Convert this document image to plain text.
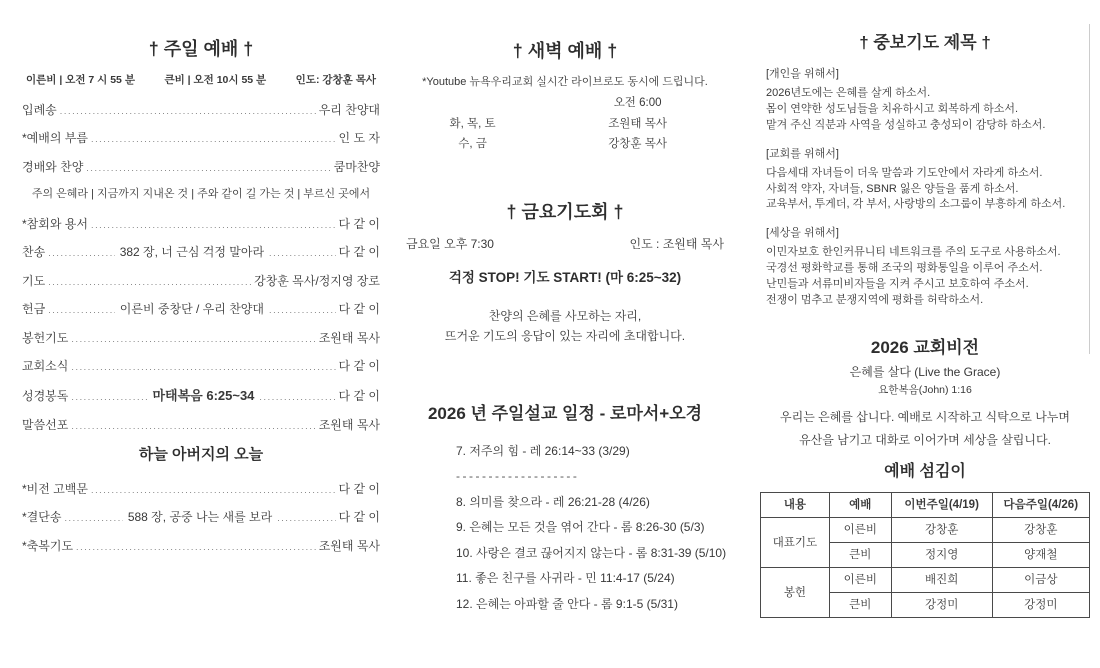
† 주일 예배 †
이른비 | 오전 7 시 55 분	큰비 | 오전 10시 55 분	인도: 강창훈 목사
입례송 .....	우리 찬양대
*예배의 부름 .....	인 도 자
경배와 찬양 .....	쿰마찬양
주의 은혜라 | 지금까지 지내온 것 | 주와 같이 길 가는 것 | 부르신 곳에서
*참회와 용서 .....	다 같 이
찬송 .....	382 장, 너 근심 걱정 말아라 .....	다 같 이
기도 .....	강창훈 목사/정지영 장로
헌금 .....	이른비 중창단 / 우리 찬양대 .....	다 같 이
봉헌기도 .....	조원태 목사
교회소식 .....	다 같 이
성경봉독 .....	마태복음 6:25~34 .....	다 같 이
말씀선포 .....	조원태 목사
하늘 아버지의 오늘
*비전 고백문 .....	다 같 이
*결단송 .....	588 장, 공중 나는 새를 보라 .....	다 같 이
*축복기도 .....	조원태 목사
† 새벽 예배 †
*Youtube 뉴욕우리교회 실시간 라이브로도 동시에 드립니다.
오전 6:00
화, 목, 토	조원태 목사
수, 금	강창훈 목사
† 금요기도회 †
금요일 오후 7:30	인도 : 조원태 목사
걱정 STOP! 기도 START! (마 6:25~32)
찬양의 은혜를 사모하는 자리,
뜨거운 기도의 응답이 있는 자리에 초대합니다.
2026 년 주일설교 일정 - 로마서+오경
7. 저주의 힘 - 레 26:14~33 (3/29)
-------------------
8. 의미를 찾으라 - 레 26:21-28 (4/26)
9. 은혜는 모든 것을 엮어 간다 - 롬 8:26-30 (5/3)
10. 사랑은 결코 끊어지지 않는다 - 롬 8:31-39 (5/10)
11. 좋은 친구를 사귀라 - 민 11:4-17 (5/24)
12. 은혜는 아파할 줄 안다 - 롬 9:1-5 (5/31)
† 중보기도 제목 †
[개인을 위해서]
2026년도에는 은혜를 살게 하소서.
몸이 연약한 성도님들을 치유하시고 회복하게 하소서.
맡겨 주신 직분과 사역을 성실하고 충성되이 감당하 하소서.
[교회를 위해서]
다음세대 자녀들이 더욱 말씀과 기도안에서 자라게 하소서.
사회적 약자, 자녀들, SBNR 잃은 양들을 품게 하소서.
교육부서, 투게더, 각 부서, 사랑방의 소그룹이 부흥하게 하소서.
[세상을 위해서]
이민자보호 한인커뮤니티 네트워크를 주의 도구로 사용하소서.
국경선 평화학교를 통해 조국의 평화통일을 이루어 주소서.
난민들과 서류미비자들을 지켜 주시고 보호하여 주소서.
전쟁이 멈추고 분쟁지역에 평화를 허락하소서.
2026 교회비전
은혜를 살다 (Live the Grace)
요한복음(John) 1:16
우리는 은혜를 삽니다. 예배로 시작하고 식탁으로 나누며
유산을 남기고 대화로 이어가며 세상을 살립니다.
예배 섬김이
내용	예배	이번주일(4/19)	다음주일(4/26)
대표기도	이른비	강창훈	강창훈
	큰비	정지영	양재철
봉헌	이른비	배진희	이금상
	큰비	강정미	강정미
